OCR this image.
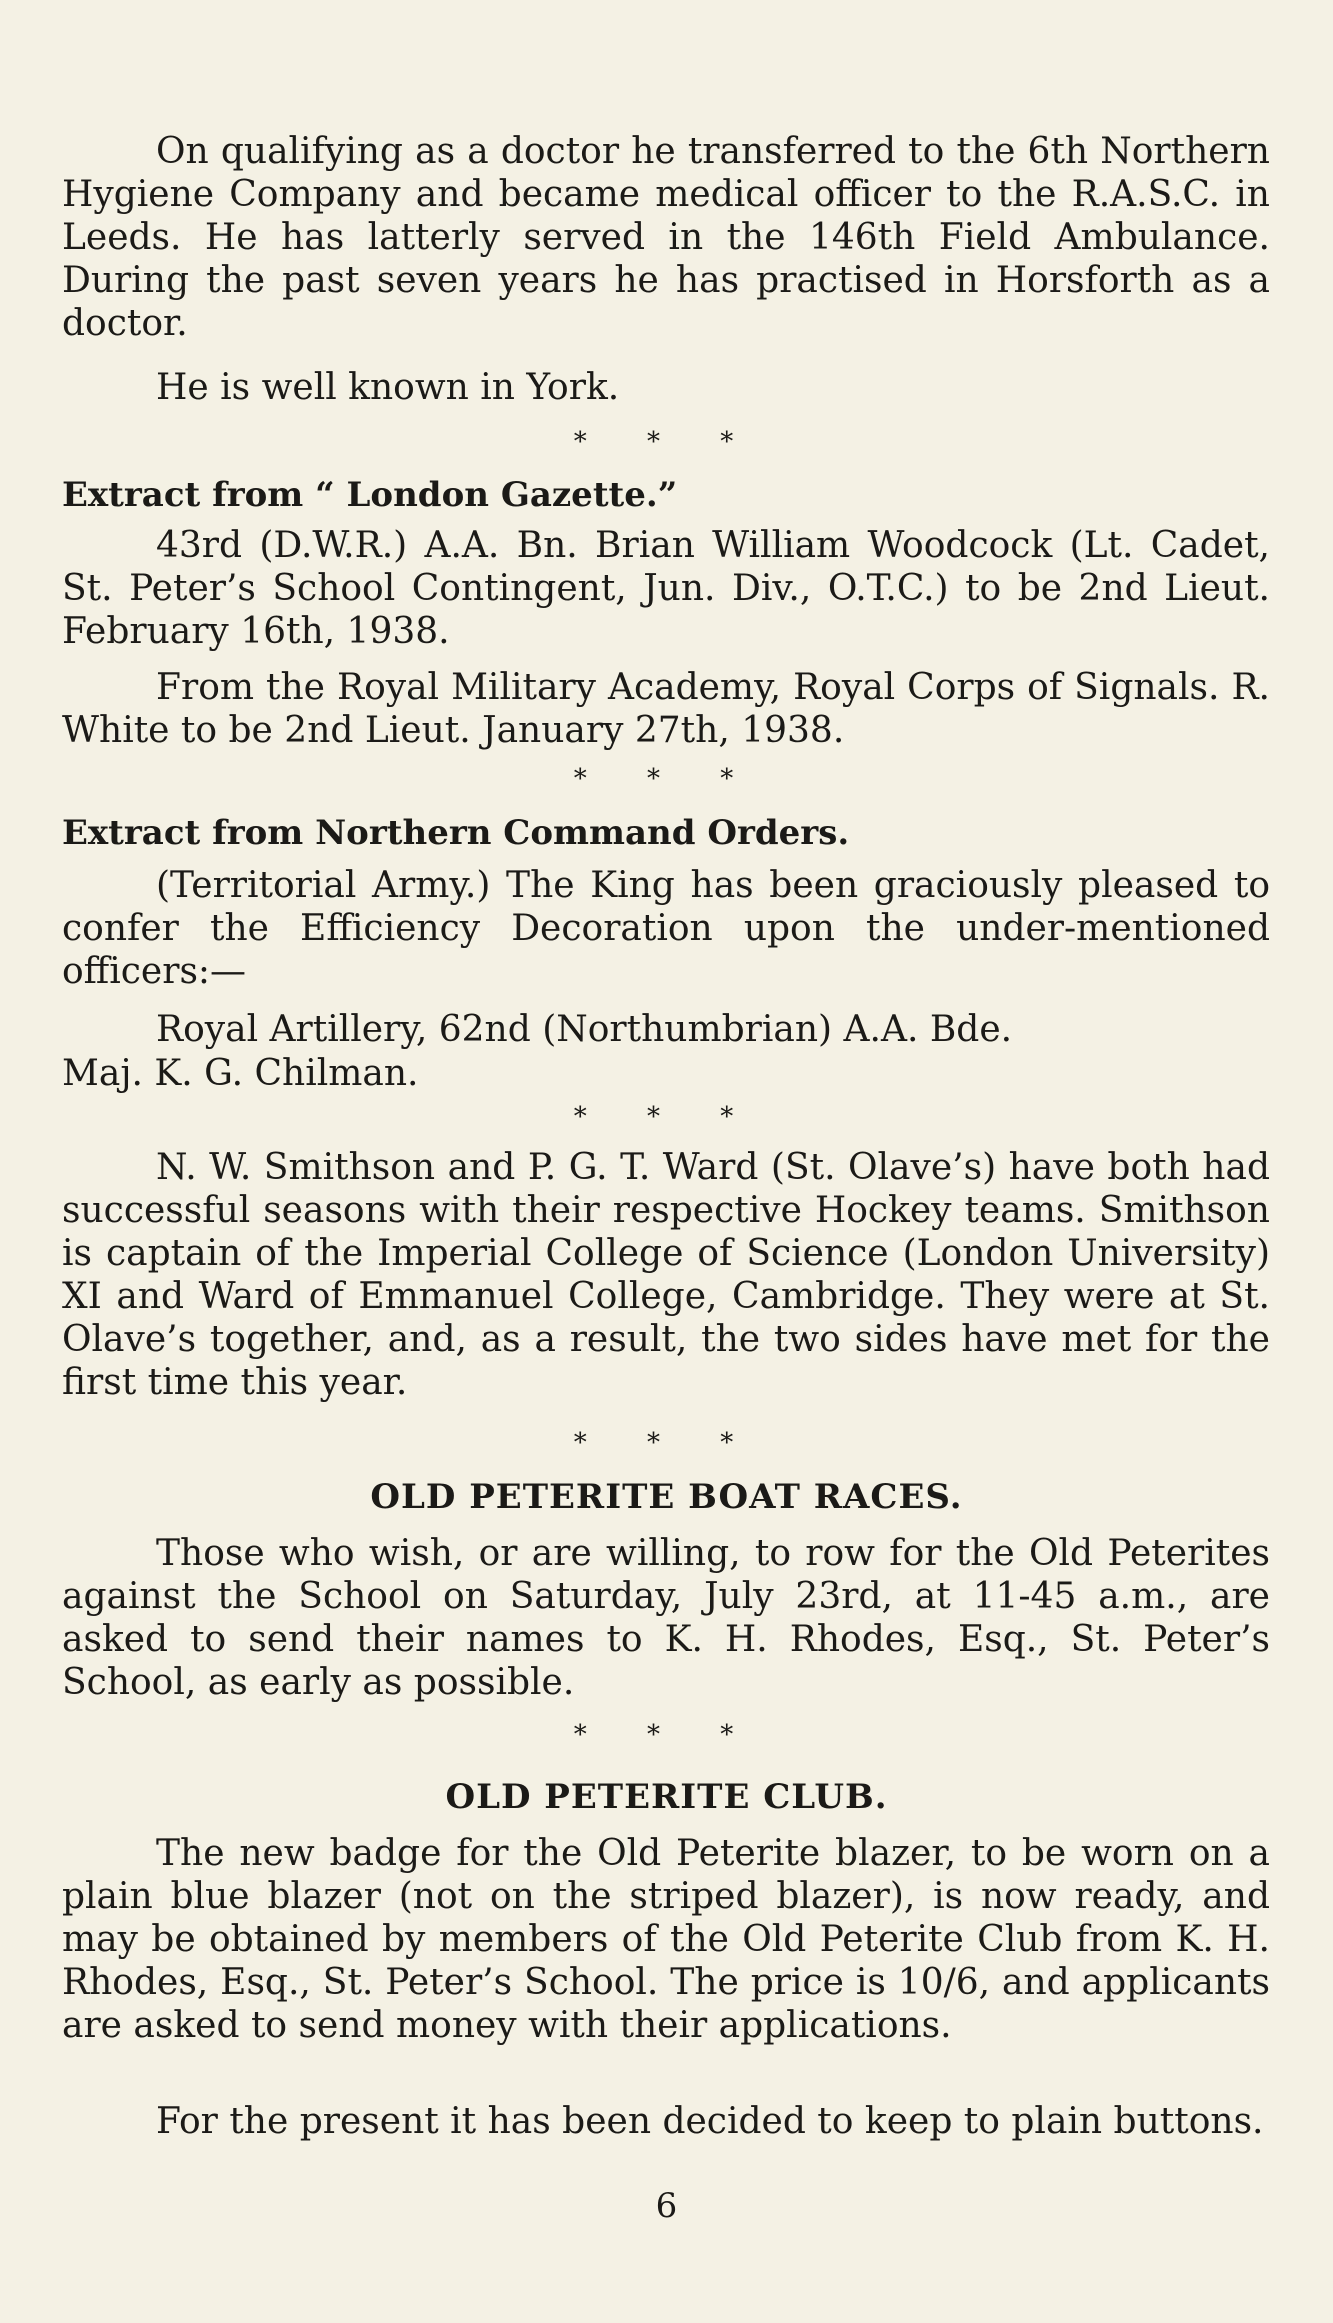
On qualifying as a doctor he transferred to the 6th Northern Hygiene Company and became medical officer to the R.A.S.C. in Leeds. He has latterly served in the 146th Field Ambulance. During the past seven years he has practised in Horsforth as a doctor.

He is well known in York.

* * *
Extract from “ London Gazette.”

43rd (D.W.R.) A.A. Bn. Brian William Woodcock (Lt. Cadet, St. Peter’s School Contingent, Jun. Div., O.T.C.) to be 2nd Lieut. February 16th, 1938.

From the Royal Military Academy, Royal Corps of Signals. R. White to be 2nd Lieut. January 27th, 1938.

* * *
Extract from Northern Command Orders.

(Territorial Army.) The King has been graciously pleased to confer the Efficiency Decoration upon the under-mentioned officers:—

Royal Artillery, 62nd (Northumbrian) A.A. Bde.

Maj. K. G. Chilman.

* * *

N. W. Smithson and P. G. T. Ward (St. Olave’s) have both had successful seasons with their respective Hockey teams. Smithson is captain of the Imperial College of Science (London University) XI and Ward of Emmanuel College, Cambridge. They were at St. Olave’s together, and, as a result, the two sides have met for the first time this year.

* * *
OLD PETERITE BOAT RACES.

Those who wish, or are willing, to row for the Old Peterites against the School on Saturday, July 23rd, at 11-45 a.m., are asked to send their names to K. H. Rhodes, Esq., St. Peter’s School, as early as possible.

* * *
OLD PETERITE CLUB.

The new badge for the Old Peterite blazer, to be worn on a plain blue blazer (not on the striped blazer), is now ready, and may be obtained by members of the Old Peterite Club from K. H. Rhodes, Esq., St. Peter’s School. The price is 10/6, and applicants are asked to send money with their applications.

For the present it has been decided to keep to plain buttons.

6
